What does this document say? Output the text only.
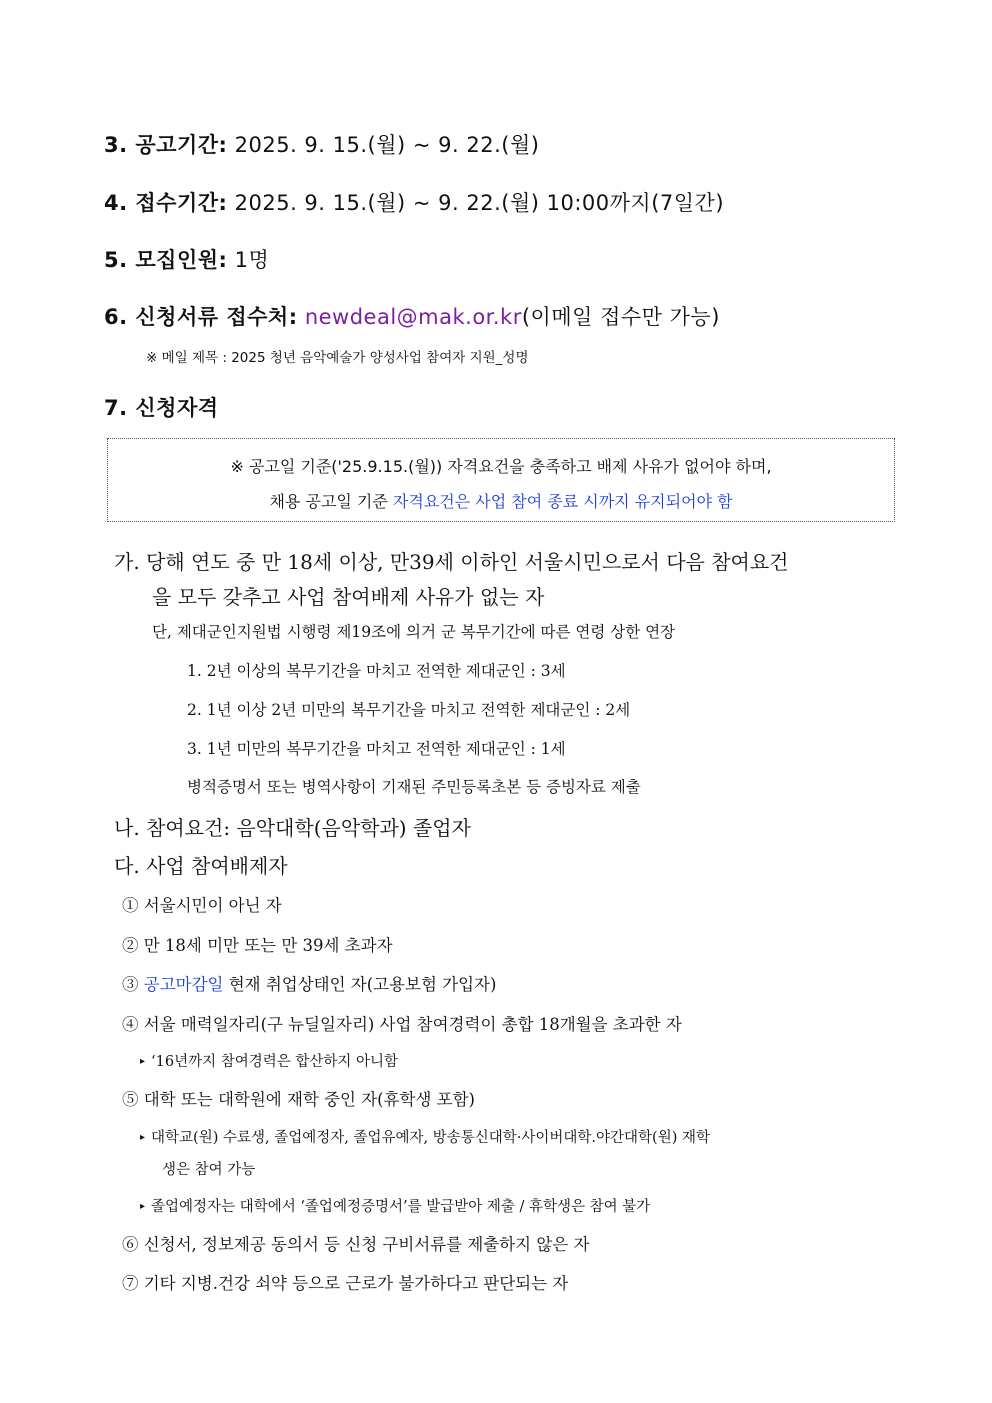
3. 공고기간: 2025. 9. 15.(월) ~ 9. 22.(월)
4. 접수기간: 2025. 9. 15.(월) ~ 9. 22.(월) 10:00까지(7일간)
5. 모집인원: 1명
6. 신청서류 접수처: newdeal@mak.or.kr(이메일 접수만 가능)
※ 메일 제목 : 2025 청년 음악예술가 양성사업 참여자 지원_성명
7. 신청자격
※ 공고일 기준('25.9.15.(월)) 자격요건을 충족하고 배제 사유가 없어야 하며,
채용 공고일 기준 자격요건은 사업 참여 종료 시까지 유지되어야 함
가. 당해 연도 중 만 18세 이상, 만39세 이하인 서울시민으로서 다음 참여요건
을 모두 갖추고 사업 참여배제 사유가 없는 자
단, 제대군인지원법 시행령 제19조에 의거 군 복무기간에 따른 연령 상한 연장
1. 2년 이상의 복무기간을 마치고 전역한 제대군인 : 3세
2. 1년 이상 2년 미만의 복무기간을 마치고 전역한 제대군인 : 2세
3. 1년 미만의 복무기간을 마치고 전역한 제대군인 : 1세
병적증명서 또는 병역사항이 기재된 주민등록초본 등 증빙자료 제출
나. 참여요건: 음악대학(음악학과) 졸업자
다. 사업 참여배제자
① 서울시민이 아닌 자
② 만 18세 미만 또는 만 39세 초과자
③ 공고마감일 현재 취업상태인 자(고용보험 가입자)
④ 서울 매력일자리(구 뉴딜일자리) 사업 참여경력이 총합 18개월을 초과한 자
▸ ‘16년까지 참여경력은 합산하지 아니함
⑤ 대학 또는 대학원에 재학 중인 자(휴학생 포함)
▸ 대학교(원) 수료생, 졸업예정자, 졸업유예자, 방송통신대학·사이버대학.야간대학(원) 재학
생은 참여 가능
▸ 졸업예정자는 대학에서 ‘졸업예정증명서’를 발급받아 제출 / 휴학생은 참여 불가
⑥ 신청서, 정보제공 동의서 등 신청 구비서류를 제출하지 않은 자
⑦ 기타 지병.건강 쇠약 등으로 근로가 불가하다고 판단되는 자
